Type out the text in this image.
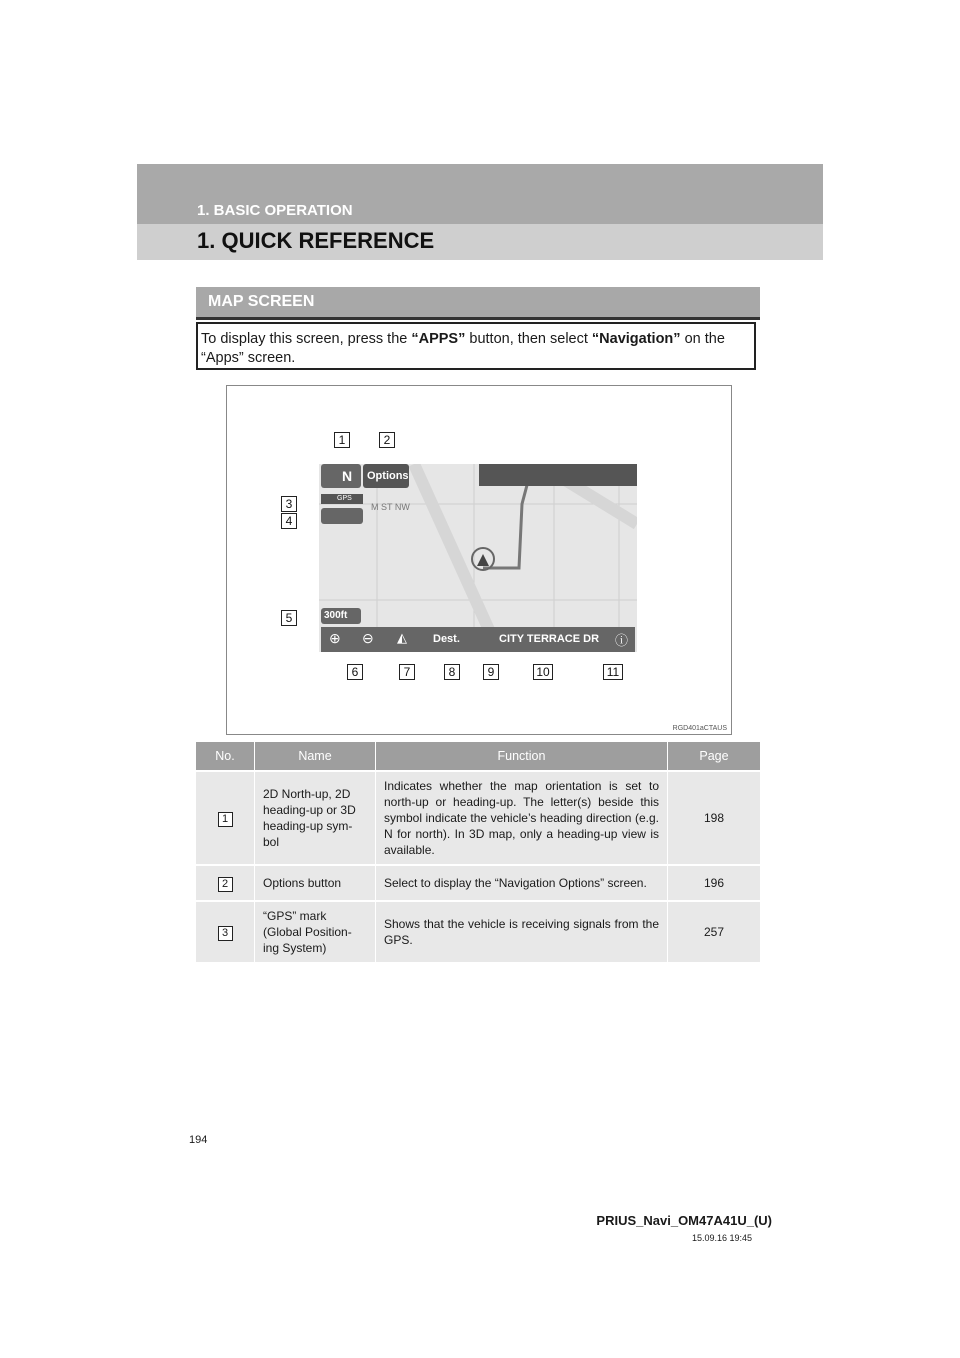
1. BASIC OPERATION
1. QUICK REFERENCE
MAP SCREEN
To display this screen, press the “APPS” button, then select “Navigation” on the “Apps” screen.
N Options
GPS
M ST NW
300ft
⊕ ⊖ ◭ Dest.	CITY TERRACE DR ⓘ
1	2
3
4
5
6	7	8	9	10	11
RGD401aCTAUS
No.	Name	Function	Page
1	2D North-up, 2D heading-up or 3D heading-up sym-bol	Indicates whether the map orientation is set to north-up or heading-up. The letter(s) beside this symbol indicate the vehicle’s heading direction (e.g. N for north). In 3D map, only a heading-up view is available.	198
2	Options button	Select to display the “Navigation Options” screen.	196
3	“GPS” mark (Global Position-ing System)	Shows that the vehicle is receiving signals from the GPS.	257
194
PRIUS_Navi_OM47A41U_(U)
15.09.16 19:45
